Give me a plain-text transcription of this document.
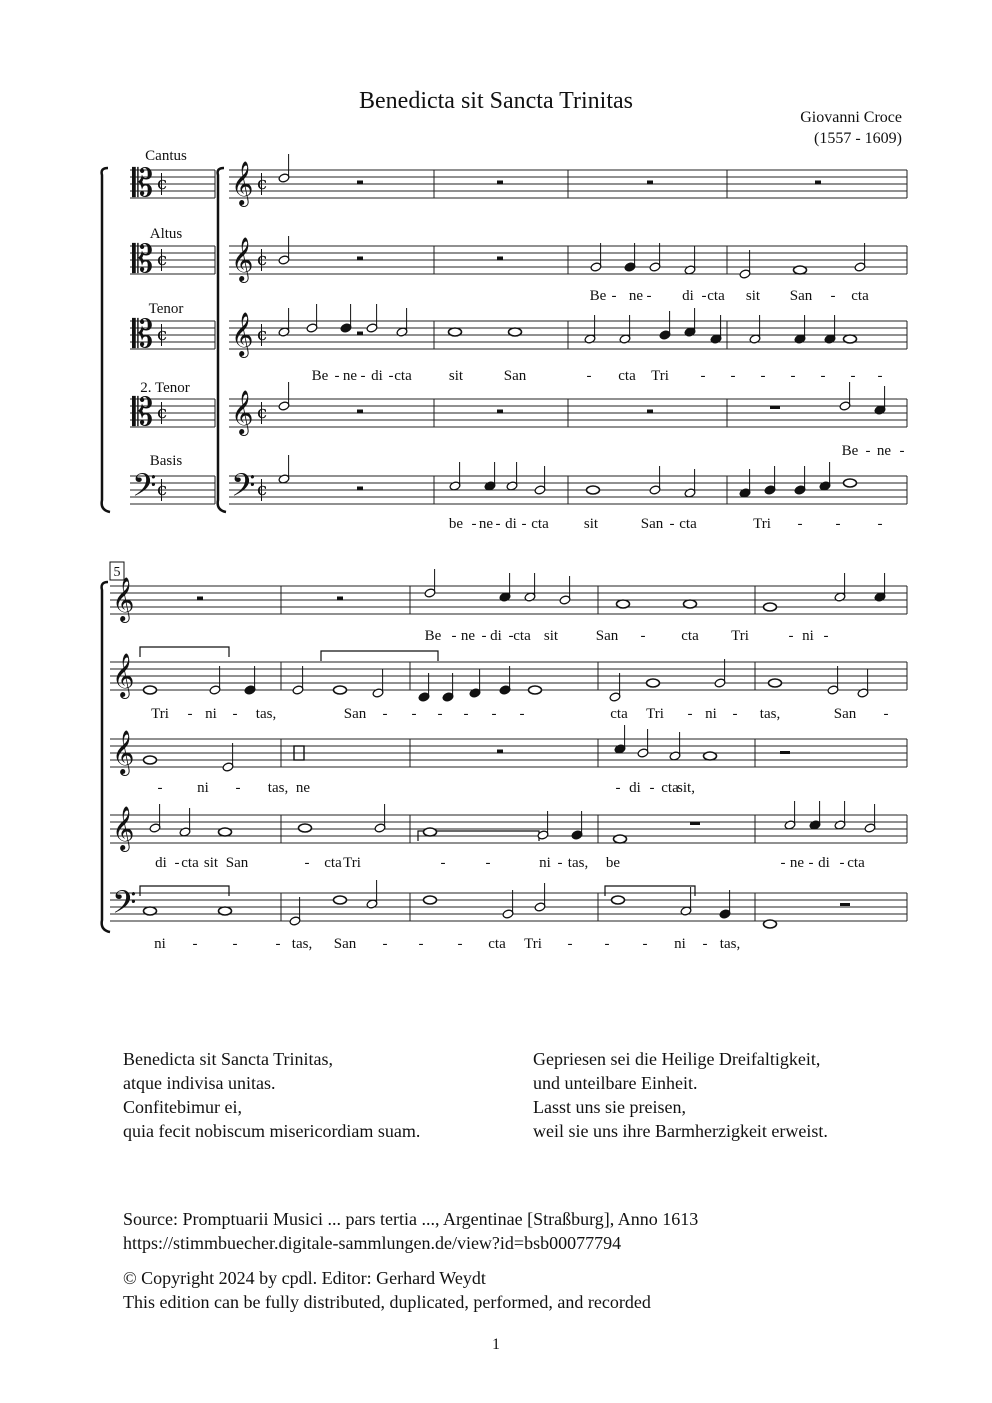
Benedicta sit Sancta Trinitas
Giovanni Croce
(1557 - 1609)
𝄡 c 𝄞 c
𝄡 c 𝄞 c
𝄡 c 𝄞 c
𝄡 c 𝄞 c
𝄢 c 𝄢 c
Cantus
Altus
Tenor
2. Tenor
Basis
Be - ne - di - cta sit San - cta
Be - ne - di - cta sit	San	- cta Tri - - - - - - -
Be - ne -
be - ne - di - cta sit	San - cta	Tri - - -
5
𝄞
𝄞
𝄞
𝄞
𝄢
Be - ne - di - cta sit	San - cta Tri	- ni -
Tri - ni - tas,	San - - - - - -	cta Tri - ni - tas,	San -
- ni - tas, ne	- di - cta
sit,
di - cta sit San	- cta Tri	-	-	ni - tas, be	- ne - di - cta
ni - -	- tas, San - - - cta Tri - - - ni - tas,
Benedicta sit Sancta Trinitas,
atque indivisa unitas.
Confitebimur ei,
quia fecit nobiscum misericordiam suam.
Gepriesen sei die Heilige Dreifaltigkeit,
und unteilbare Einheit.
Lasst uns sie preisen,
weil sie uns ihre Barmherzigkeit erweist.
Source: Promptuarii Musici ... pars tertia ..., Argentinae [Straßburg], Anno 1613
https://stimmbuecher.digitale-sammlungen.de/view?id=bsb00077794
© Copyright 2024 by cpdl. Editor: Gerhard Weydt
This edition can be fully distributed, duplicated, performed, and recorded
1
